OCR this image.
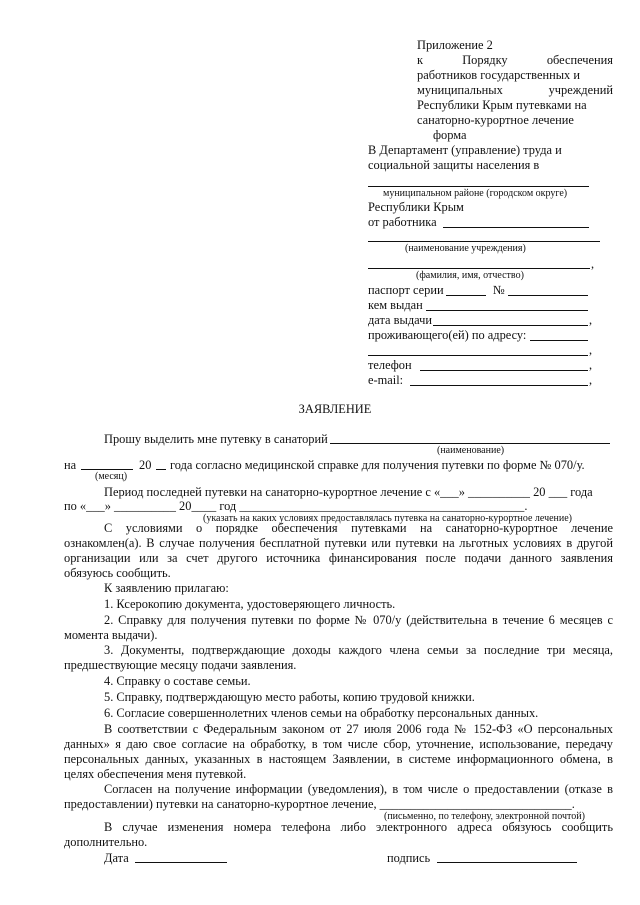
Приложение 2
к	Порядку	обеспечения
работников государственных и
муниципальных	учреждений
Республики Крым путевками на
санаторно-курортное лечение
форма
В Департамент (управление) труда и
социальной защиты населения в
муниципальном районе (городском округе)
Республики Крым
от работника
(наименование учреждения)
,
(фамилия, имя, отчество)
паспорт серии	№
кем выдан
дата выдачи	,
проживающего(ей) по адресу:
,
телефон	,
e-mail:	,
ЗАЯВЛЕНИЕ
Прошу выделить мне путевку в санаторий
(наименование)
на	20 года согласно медицинской справке для получения путевки по форме № 070/у.
(месяц)
Период последней путевки на санаторно-курортное лечение с «___» __________ 20 ___ года
по «___» __________ 20____ год ______________________________________________.
(указать на каких условиях предоставлялась путевка на санаторно-курортное лечение)
С условиями о порядке обеспечения путевками на санаторно-курортное лечение
ознакомлен(а). В случае получения бесплатной путевки или путевки на льготных условиях в другой
организации или за счет другого источника финансирования после подачи данного заявления
обязуюсь сообщить.
К заявлению прилагаю:
1. Ксерокопию документа, удостоверяющего личность.
2. Справку для получения путевки по форме № 070/у (действительна в течение 6 месяцев с
момента выдачи).
3. Документы, подтверждающие доходы каждого члена семьи за последние три месяца,
предшествующие месяцу подачи заявления.
4. Справку о составе семьи.
5. Справку, подтверждающую место работы, копию трудовой книжки.
6. Согласие совершеннолетних членов семьи на обработку персональных данных.
В соответствии с Федеральным законом от 27 июля 2006 года № 152-ФЗ «О персональных
данных» я даю свое согласие на обработку, в том числе сбор, уточнение, использование, передачу
персональных данных, указанных в настоящем Заявлении, в системе информационного обмена, в
целях обеспечения меня путевкой.
Согласен на получение информации (уведомления), в том числе о предоставлении (отказе в
предоставлении) путевки на санаторно-курортное лечение, _______________________________.
(письменно, по телефону, электронной почтой)
В случае изменения номера телефона либо электронного адреса обязуюсь сообщить
дополнительно.
Дата	подпись
